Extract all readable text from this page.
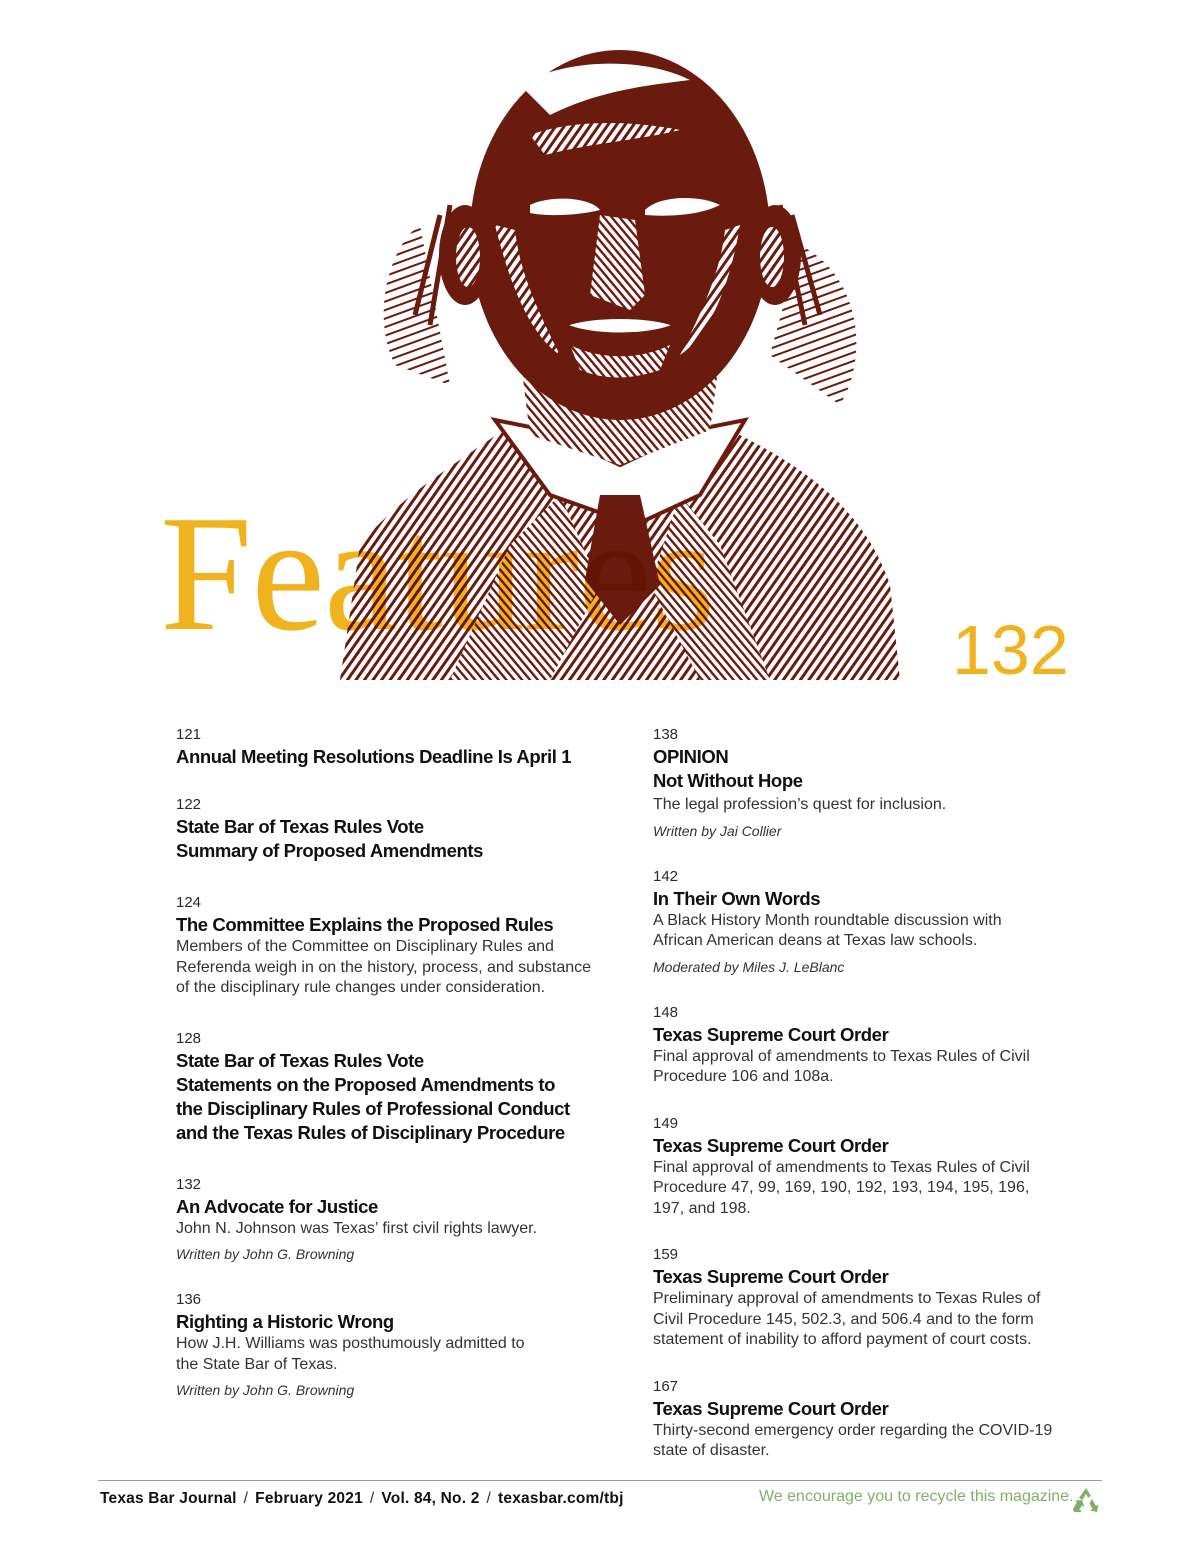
Features	132
121
Annual Meeting Resolutions Deadline Is April 1
122
State Bar of Texas Rules Vote
Summary of Proposed Amendments
124
The Committee Explains the Proposed Rules
Members of the Committee on Disciplinary Rules and Referenda weigh in on the history, process, and substance of the disciplinary rule changes under consideration.
128
State Bar of Texas Rules Vote
Statements on the Proposed Amendments to the Disciplinary Rules of Professional Conduct and the Texas Rules of Disciplinary Procedure
132
An Advocate for Justice
John N. Johnson was Texas’ first civil rights lawyer.
Written by John G. Browning
136
Righting a Historic Wrong
How J.H. Williams was posthumously admitted to the State Bar of Texas.
Written by John G. Browning
138
OPINION
Not Without Hope
The legal profession’s quest for inclusion.
Written by Jai Collier
142
In Their Own Words
A Black History Month roundtable discussion with African American deans at Texas law schools.
Moderated by Miles J. LeBlanc
148
Texas Supreme Court Order
Final approval of amendments to Texas Rules of Civil Procedure 106 and 108a.
149
Texas Supreme Court Order
Final approval of amendments to Texas Rules of Civil Procedure 47, 99, 169, 190, 192, 193, 194, 195, 196, 197, and 198.
159
Texas Supreme Court Order
Preliminary approval of amendments to Texas Rules of Civil Procedure 145, 502.3, and 506.4 and to the form statement of inability to afford payment of court costs.
167
Texas Supreme Court Order
Thirty-second emergency order regarding the COVID-19 state of disaster.
Texas Bar Journal / February 2021 / Vol. 84, No. 2 / texasbar.com/tbj	We encourage you to recycle this magazine.
